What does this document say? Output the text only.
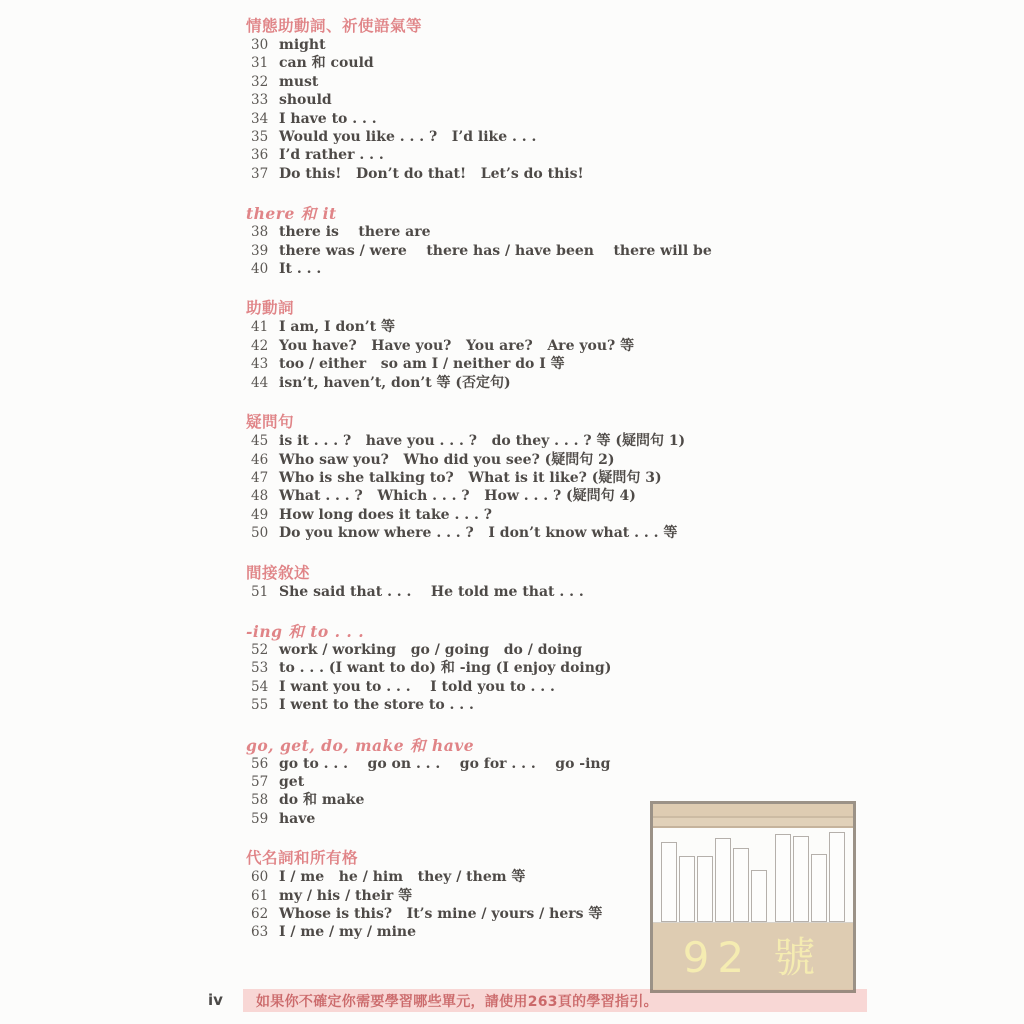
情態助動詞、祈使語氣等
30 might
31 can 和 could
32 must
33 should
34 I have to . . .
35 Would you like . . . ?   I’d like . . .
36 I’d rather . . .
37 Do this!   Don’t do that!   Let’s do this!
there 和 it
38 there is    there are
39 there was / were    there has / have been    there will be
40 It . . .
助動詞
41 I am, I don’t 等
42 You have?   Have you?   You are?   Are you? 等
43 too / either   so am I / neither do I 等
44 isn’t, haven’t, don’t 等 (否定句)
疑問句
45 is it . . . ?   have you . . . ?   do they . . . ? 等 (疑問句 1)
46 Who saw you?   Who did you see? (疑問句 2)
47 Who is she talking to?   What is it like? (疑問句 3)
48 What . . . ?   Which . . . ?   How . . . ? (疑問句 4)
49 How long does it take . . . ?
50 Do you know where . . . ?   I don’t know what . . . 等
間接敘述
51 She said that . . .    He told me that . . .
-ing 和 to . . .
52 work / working   go / going   do / doing
53 to . . . (I want to do) 和 -ing (I enjoy doing)
54 I want you to . . .    I told you to . . .
55 I went to the store to . . .
go, get, do, make 和 have
56 go to . . .    go on . . .    go for . . .    go -ing
57 get
58 do 和 make
59 have
代名詞和所有格
60 I / me   he / him   they / them 等
61 my / his / their 等
62 Whose is this?   It’s mine / yours / hers 等
63 I / me / my / mine
iv 如果你不確定你需要學習哪些單元，請使用263頁的學習指引。
92 號
